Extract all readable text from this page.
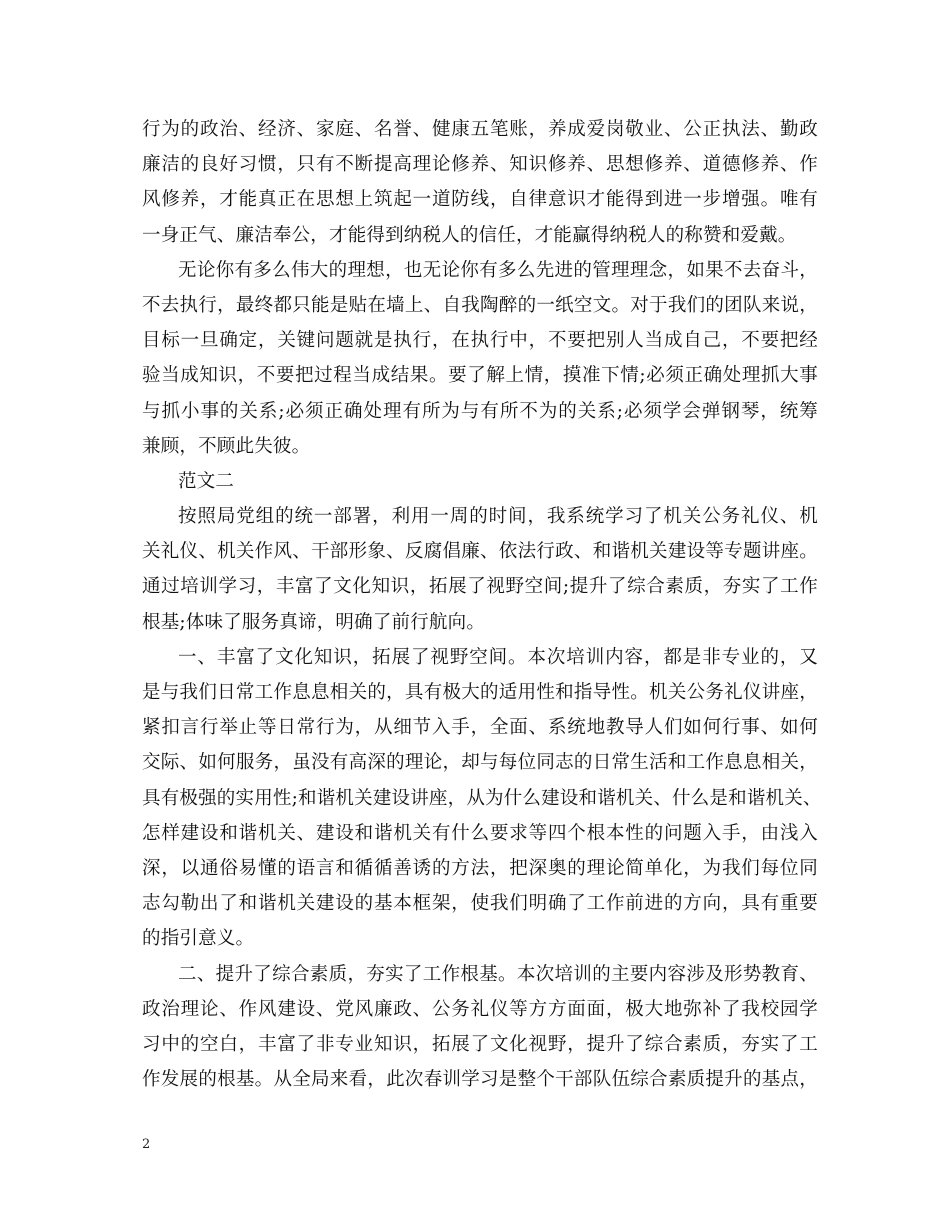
行为的政治、经济、家庭、名誉、健康五笔账，养成爱岗敬业、公正执法、勤政
廉洁的良好习惯，只有不断提高理论修养、知识修养、思想修养、道德修养、作
风修养，才能真正在思想上筑起一道防线，自律意识才能得到进一步增强。唯有
一身正气、廉洁奉公，才能得到纳税人的信任，才能赢得纳税人的称赞和爱戴。
无论你有多么伟大的理想，也无论你有多么先进的管理理念，如果不去奋斗，
不去执行，最终都只能是贴在墙上、自我陶醉的一纸空文。对于我们的团队来说，
目标一旦确定，关键问题就是执行，在执行中，不要把别人当成自己，不要把经
验当成知识，不要把过程当成结果。要了解上情，摸准下情;必须正确处理抓大事
与抓小事的关系;必须正确处理有所为与有所不为的关系;必须学会弹钢琴，统筹
兼顾，不顾此失彼。
范文二
按照局党组的统一部署，利用一周的时间，我系统学习了机关公务礼仪、机
关礼仪、机关作风、干部形象、反腐倡廉、依法行政、和谐机关建设等专题讲座。
通过培训学习，丰富了文化知识，拓展了视野空间;提升了综合素质，夯实了工作
根基;体味了服务真谛，明确了前行航向。
一、丰富了文化知识，拓展了视野空间。本次培训内容，都是非专业的，又
是与我们日常工作息息相关的，具有极大的适用性和指导性。机关公务礼仪讲座，
紧扣言行举止等日常行为，从细节入手，全面、系统地教导人们如何行事、如何
交际、如何服务，虽没有高深的理论，却与每位同志的日常生活和工作息息相关，
具有极强的实用性;和谐机关建设讲座，从为什么建设和谐机关、什么是和谐机关、
怎样建设和谐机关、建设和谐机关有什么要求等四个根本性的问题入手，由浅入
深，以通俗易懂的语言和循循善诱的方法，把深奥的理论简单化，为我们每位同
志勾勒出了和谐机关建设的基本框架，使我们明确了工作前进的方向，具有重要
的指引意义。
二、提升了综合素质，夯实了工作根基。本次培训的主要内容涉及形势教育、
政治理论、作风建设、党风廉政、公务礼仪等方方面面，极大地弥补了我校园学
习中的空白，丰富了非专业知识，拓展了文化视野，提升了综合素质，夯实了工
作发展的根基。从全局来看，此次春训学习是整个干部队伍综合素质提升的基点，
2
